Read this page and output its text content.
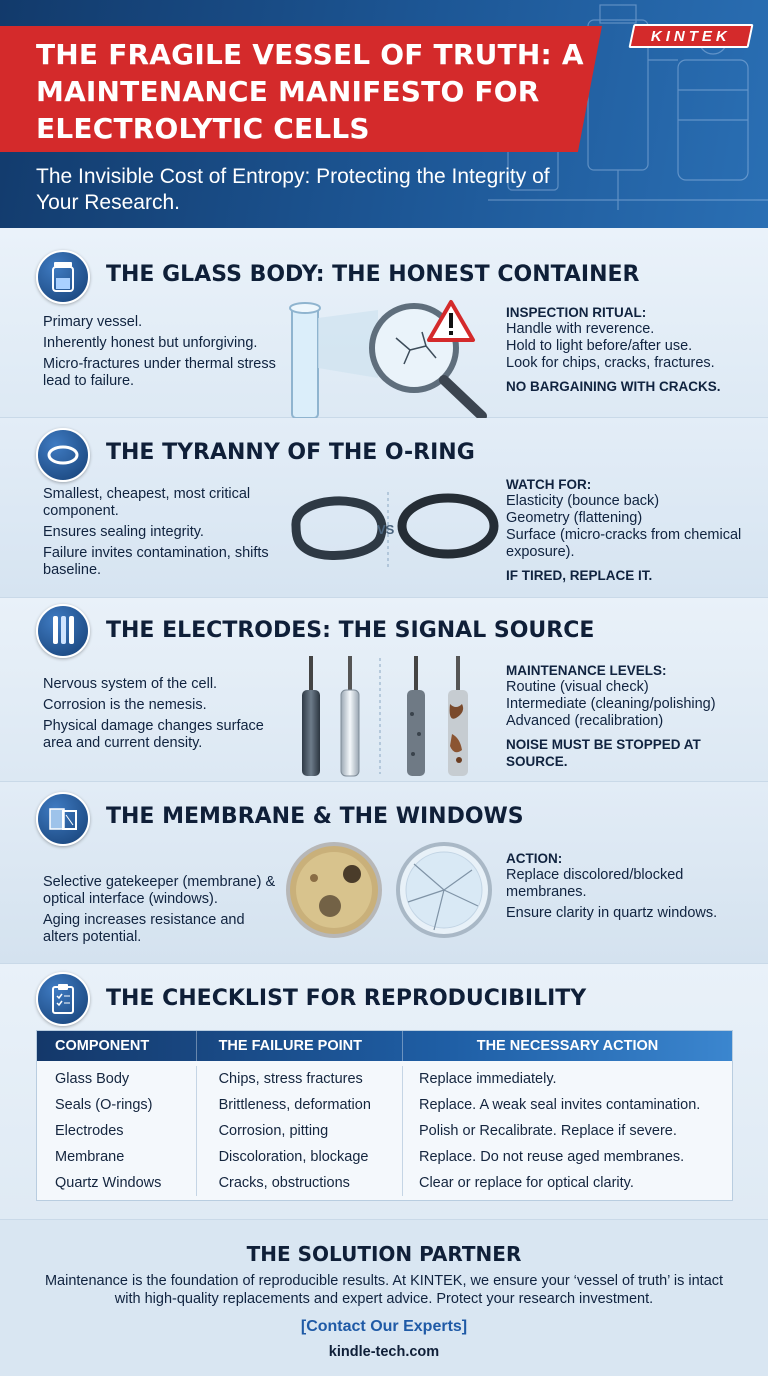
THE FRAGILE VESSEL OF TRUTH: A MAINTENANCE MANIFESTO FOR ELECTROLYTIC CELLS
The Invisible Cost of Entropy: Protecting the Integrity of Your Research.
KINTEK
THE GLASS BODY: THE HONEST CONTAINER

Primary vessel.

Inherently honest but unforgiving.

Micro-fractures under thermal stress lead to failure.

INSPECTION RITUAL:
Handle with reverence.
Hold to light before/after use.
Look for chips, cracks, fractures.
NO BARGAINING WITH CRACKS.
THE TYRANNY OF THE O-RING

Smallest, cheapest, most critical component.

Ensures sealing integrity.

Failure invites contamination, shifts baseline.

VS
WATCH FOR:
Elasticity (bounce back)
Geometry (flattening)
Surface (micro-cracks from chemical exposure).
IF TIRED, REPLACE IT.
THE ELECTRODES: THE SIGNAL SOURCE

Nervous system of the cell.

Corrosion is the nemesis.

Physical damage changes surface area and current density.

MAINTENANCE LEVELS:
Routine (visual check)
Intermediate (cleaning/polishing)
Advanced (recalibration)
NOISE MUST BE STOPPED AT SOURCE.
THE MEMBRANE & THE WINDOWS

Selective gatekeeper (membrane) & optical interface (windows).

Aging increases resistance and alters potential.

ACTION:
Replace discolored/blocked membranes.
Ensure clarity in quartz windows.
THE CHECKLIST FOR REPRODUCIBILITY
COMPONENT	THE FAILURE POINT	THE NECESSARY ACTION
Glass Body	Chips, stress fractures	Replace immediately.
Seals (O-rings)	Brittleness, deformation	Replace. A weak seal invites contamination.
Electrodes	Corrosion, pitting	Polish or Recalibrate. Replace if severe.
Membrane	Discoloration, blockage	Replace. Do not reuse aged membranes.
Quartz Windows	Cracks, obstructions	Clear or replace for optical clarity.
THE SOLUTION PARTNER
Maintenance is the foundation of reproducible results. At KINTEK, we ensure your ‘vessel of truth’ is intact with high-quality replacements and expert advice. Protect your research investment.
[Contact Our Experts]
kindle-tech.com
